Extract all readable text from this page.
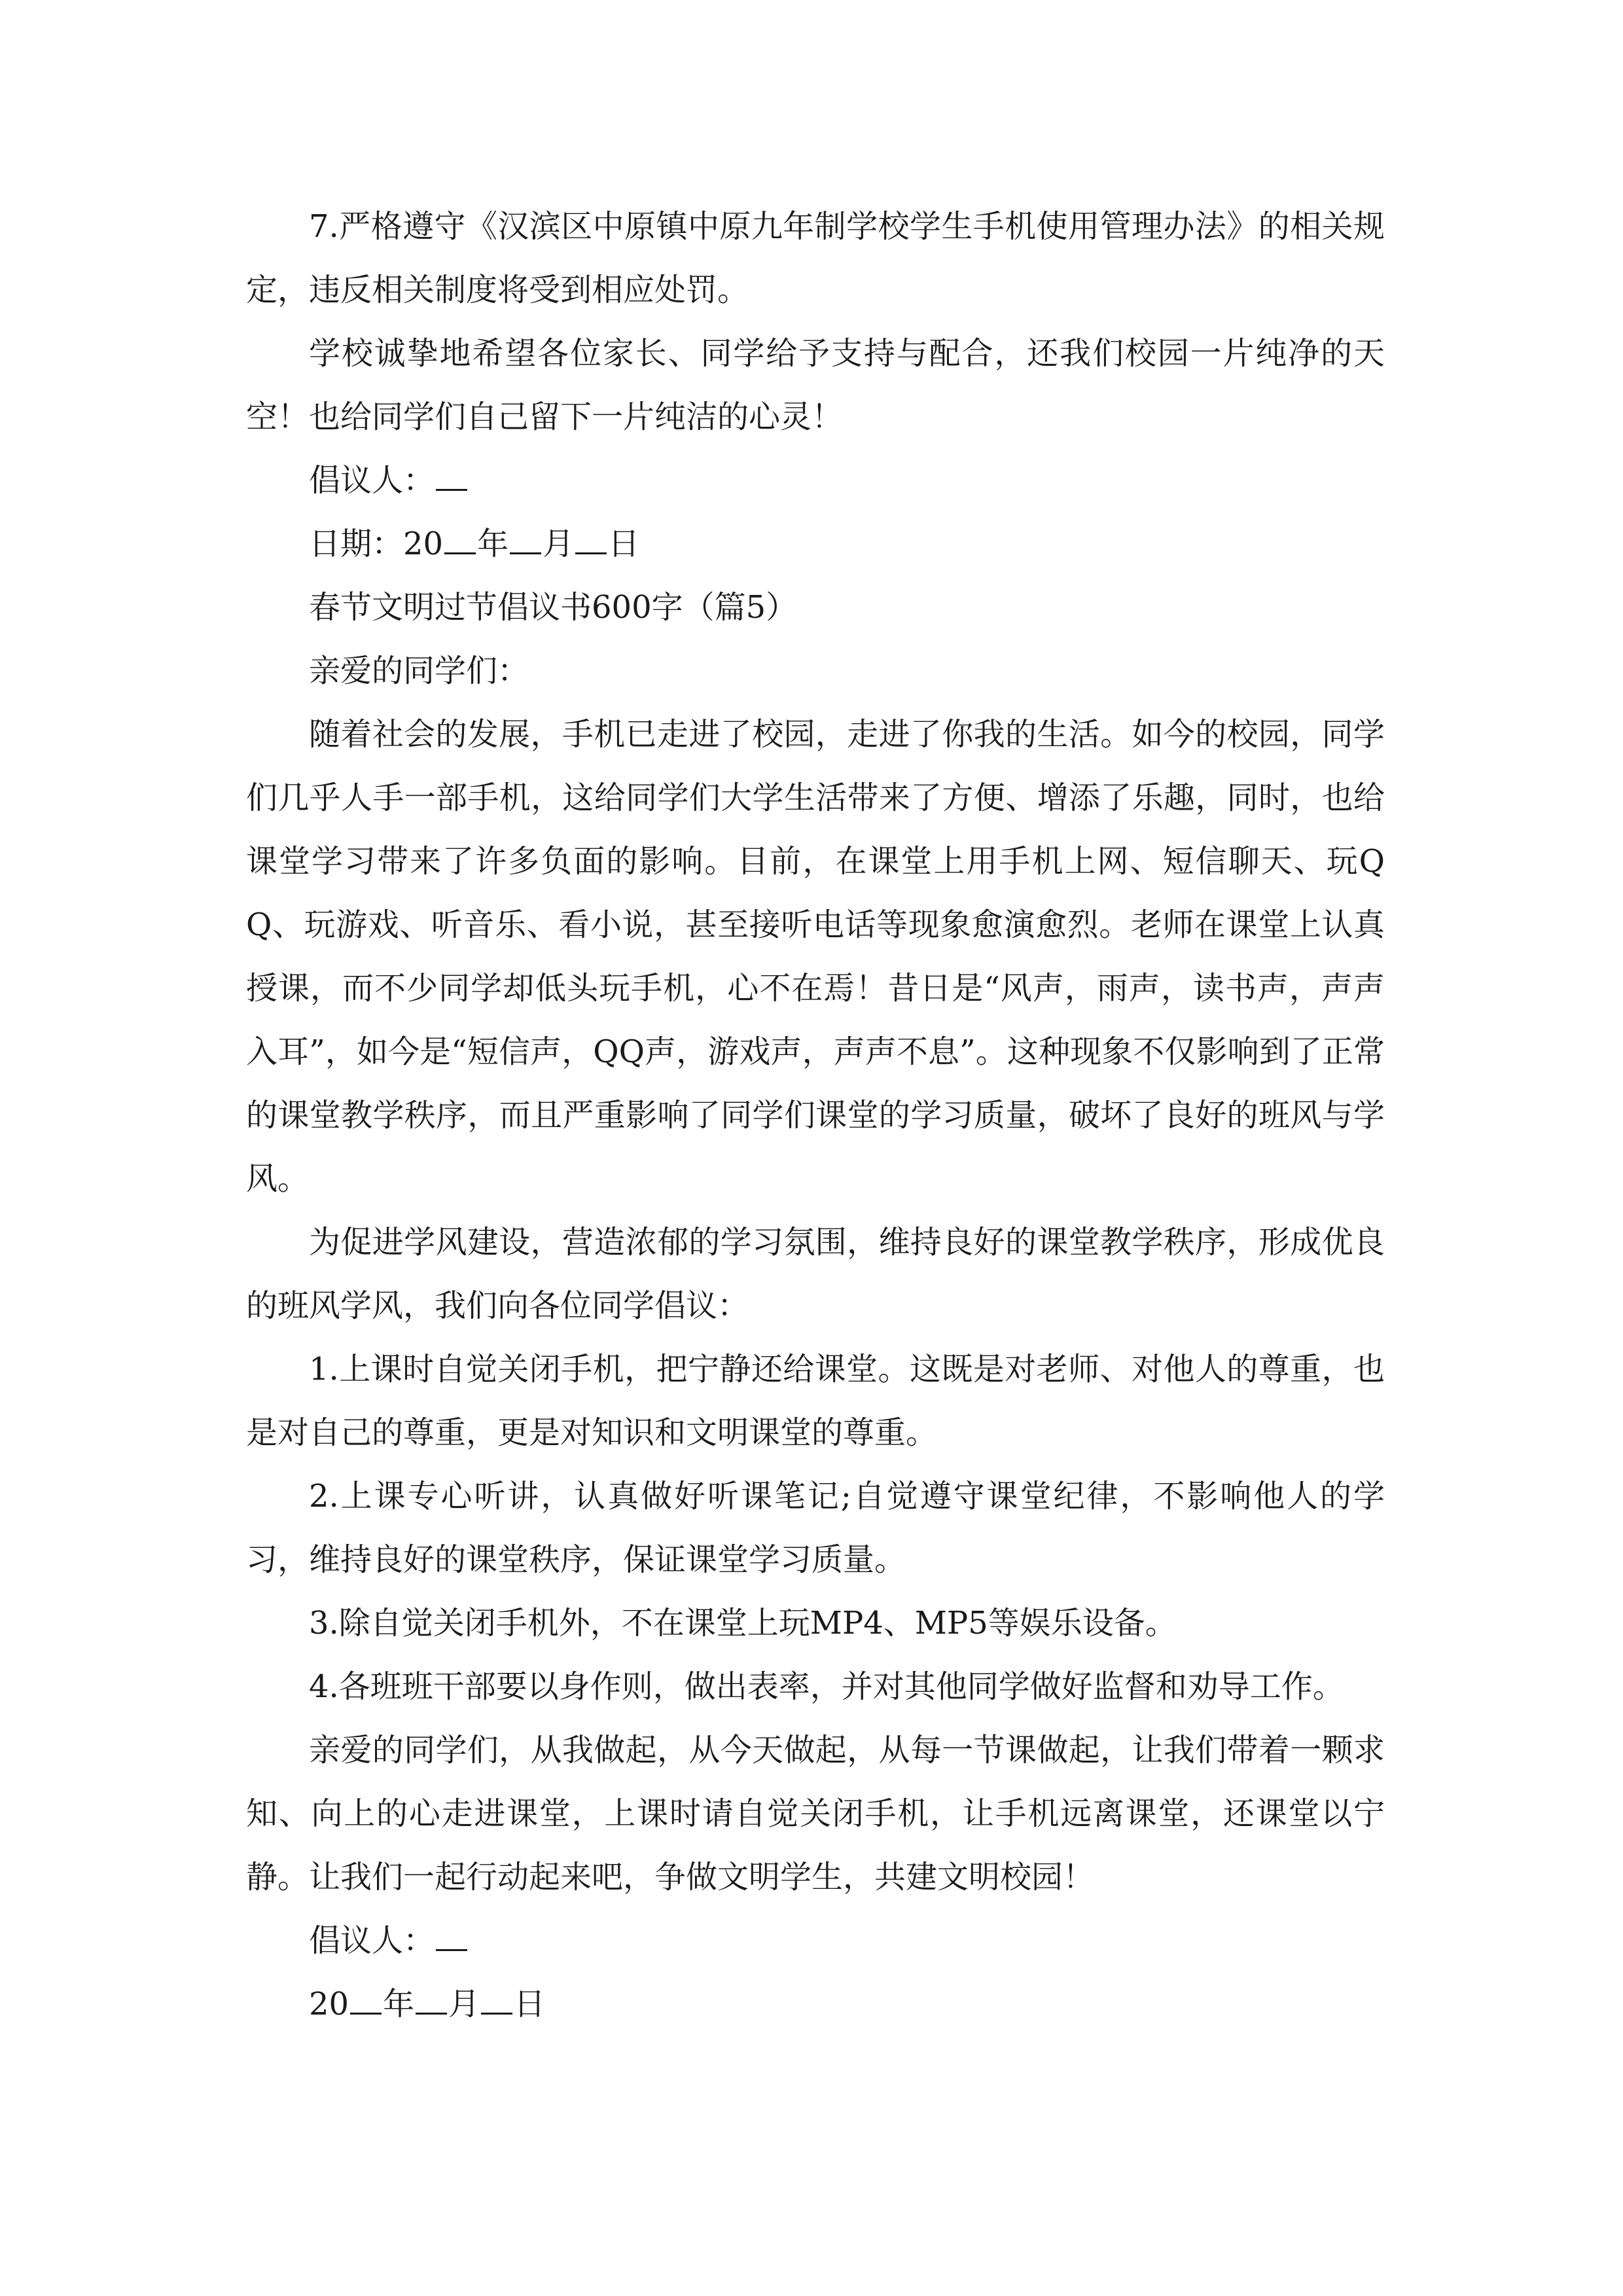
7.严格遵守《汉滨区中原镇中原九年制学校学生手机使用管理办法》的相关规定，违反相关制度将受到相应处罚。

学校诚挚地希望各位家长、同学给予支持与配合，还我们校园一片纯净的天空！也给同学们自己留下一片纯洁的心灵！

倡议人：

日期：20 年 月 日

春节文明过节倡议书600字（篇5）

亲爱的同学们：

随着社会的发展，手机已走进了校园，走进了你我的生活。如今的校园，同学们几乎人手一部手机，这给同学们大学生活带来了方便、增添了乐趣，同时，也给课堂学习带来了许多负面的影响。目前，在课堂上用手机上网、短信聊天、玩QQ、玩游戏、听音乐、看小说，甚至接听电话等现象愈演愈烈。老师在课堂上认真授课，而不少同学却低头玩手机，心不在焉！昔日是“风声，雨声，读书声，声声入耳”，如今是“短信声，QQ声，游戏声，声声不息”。这种现象不仅影响到了正常的课堂教学秩序，而且严重影响了同学们课堂的学习质量，破坏了良好的班风与学风。

为促进学风建设，营造浓郁的学习氛围，维持良好的课堂教学秩序，形成优良的班风学风，我们向各位同学倡议：

1.上课时自觉关闭手机，把宁静还给课堂。这既是对老师、对他人的尊重，也是对自己的尊重，更是对知识和文明课堂的尊重。

2.上课专心听讲，认真做好听课笔记;自觉遵守课堂纪律，不影响他人的学习，维持良好的课堂秩序，保证课堂学习质量。

3.除自觉关闭手机外，不在课堂上玩MP4、MP5等娱乐设备。

4.各班班干部要以身作则，做出表率，并对其他同学做好监督和劝导工作。

亲爱的同学们，从我做起，从今天做起，从每一节课做起，让我们带着一颗求知、向上的心走进课堂，上课时请自觉关闭手机，让手机远离课堂，还课堂以宁静。让我们一起行动起来吧，争做文明学生，共建文明校园！

倡议人：

20 年 月 日
